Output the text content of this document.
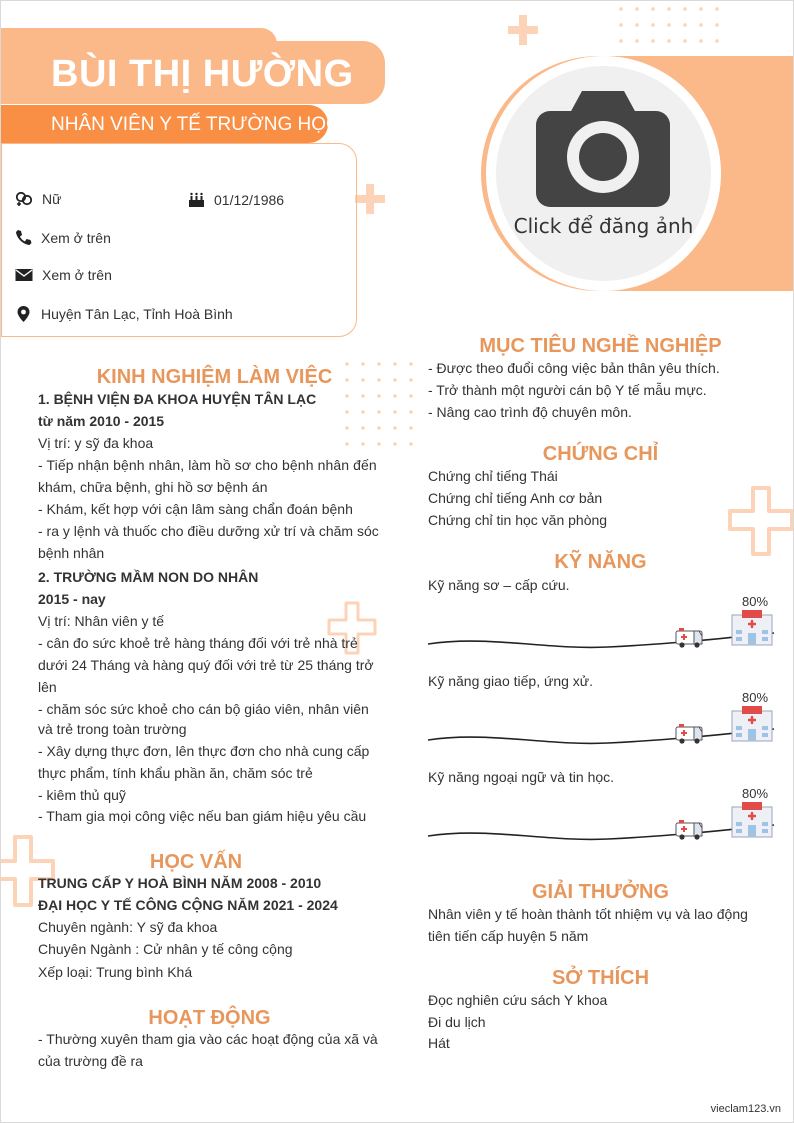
Click để đăng ảnh
BÙI THỊ HƯỜNG
NHÂN VIÊN Y TẾ TRƯỜNG HỌC
Nữ	01/12/1986
Xem ở trên
Xem ở trên
Huyện Tân Lạc, Tỉnh Hoà Bình
KINH NGHIỆM LÀM VIỆC
1. BỆNH VIỆN ĐA KHOA HUYỆN TÂN LẠC
từ năm 2010 - 2015
Vị trí: y sỹ đa khoa
- Tiếp nhận bệnh nhân, làm hồ sơ cho bệnh nhân đến
khám, chữa bệnh, ghi hồ sơ bệnh án
- Khám, kết hợp với cận lâm sàng chẩn đoán bệnh
- ra y lệnh và thuốc cho điều dưỡng xử trí và chăm sóc
bệnh nhân
2. TRƯỜNG MẦM NON DO NHÂN
2015 - nay
Vị trí: Nhân viên y tế
- cân đo sức khoẻ trẻ hàng tháng đối với trẻ nhà trẻ
dưới 24 Tháng và hàng quý đối với trẻ từ 25 tháng trở
lên
- chăm sóc sức khoẻ cho cán bộ giáo viên, nhân viên
và trẻ trong toàn trường
- Xây dựng thực đơn, lên thực đơn cho nhà cung cấp
thực phẩm, tính khẩu phần ăn, chăm sóc trẻ
- kiêm thủ quỹ
- Tham gia mọi công việc nếu ban giám hiệu yêu cầu
HỌC VẤN
TRUNG CẤP Y HOÀ BÌNH NĂM 2008 - 2010
ĐẠI HỌC Y TẾ CÔNG CỘNG NĂM 2021 - 2024
Chuyên ngành: Y sỹ đa khoa
Chuyên Ngành : Cử nhân y tế công cộng
Xếp loại: Trung bình Khá
HOẠT ĐỘNG
- Thường xuyên tham gia vào các hoạt động của xã và
của trường đề ra
MỤC TIÊU NGHỀ NGHIỆP
- Được theo đuổi công việc bản thân yêu thích.
- Trở thành một người cán bộ Y tế mẫu mực.
- Nâng cao trình độ chuyên môn.
CHỨNG CHỈ
Chứng chỉ tiếng Thái
Chứng chỉ tiếng Anh cơ bản
Chứng chỉ tin học văn phòng
KỸ NĂNG
Kỹ năng sơ – cấp cứu.
80%
Kỹ năng giao tiếp, ứng xử.
80%
Kỹ năng ngoại ngữ và tin học.
80%
GIẢI THƯỞNG
Nhân viên y tế hoàn thành tốt nhiệm vụ và lao động
tiên tiến cấp huyện 5 năm
SỞ THÍCH
Đọc nghiên cứu sách Y khoa
Đi du lịch
Hát
vieclam123.vn
